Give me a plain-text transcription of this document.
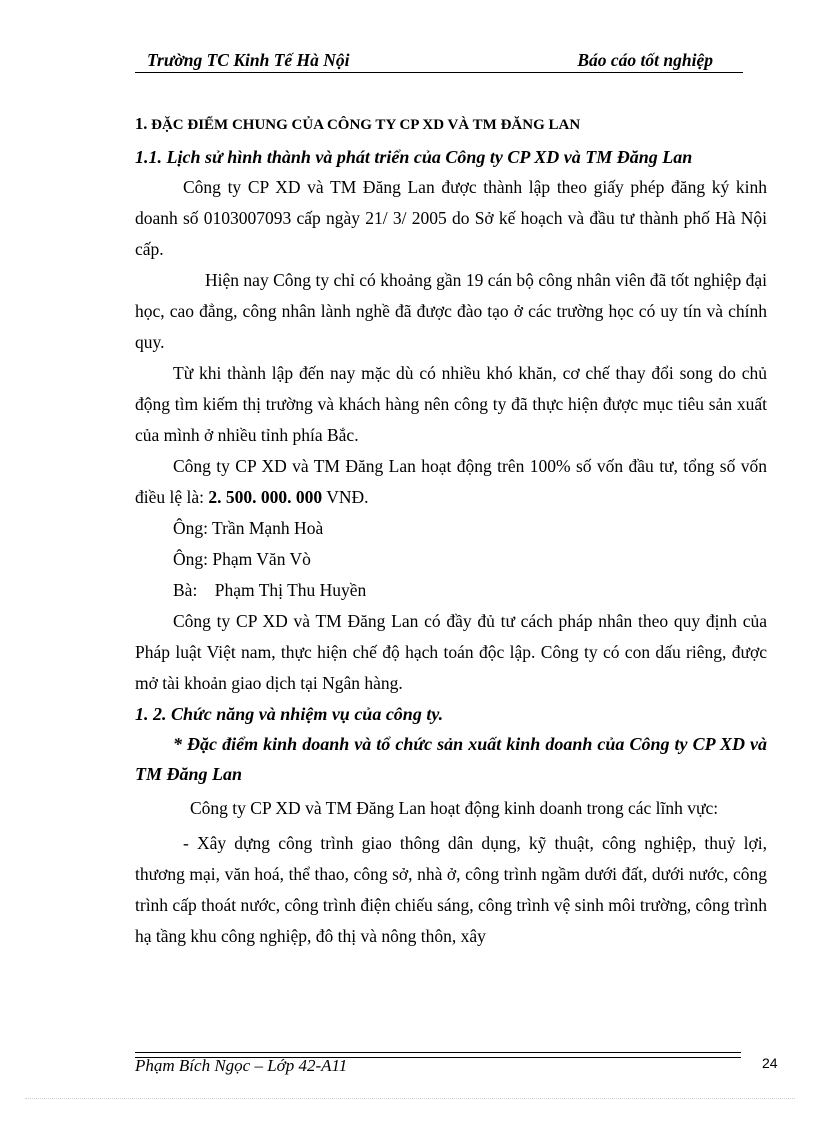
Trường TC Kinh Tế Hà Nội	Báo cáo tốt nghiệp
1. ĐẶC ĐIỂM CHUNG CỦA CÔNG TY CP XD VÀ TM ĐĂNG LAN

1.1. Lịch sử hình thành và phát triển của Công ty CP XD và TM Đăng Lan

Công ty CP XD và TM Đăng Lan được thành lập theo giấy phép đăng ký kinh doanh số 0103007093 cấp ngày 21/ 3/ 2005 do Sở kế hoạch và đầu tư thành phố Hà Nội cấp.

Hiện nay Công ty chỉ có khoảng gần 19 cán bộ công nhân viên đã tốt nghiệp đại học, cao đẳng, công nhân lành nghề đã được đào tạo ở các trường học có uy tín và chính quy.

Từ khi thành lập đến nay mặc dù có nhiều khó khăn, cơ chế thay đổi song do chủ động tìm kiếm thị trường và khách hàng nên công ty đã thực hiện được mục tiêu sản xuất của mình ở nhiều tỉnh phía Bắc.

Công ty CP XD và TM Đăng Lan hoạt động trên 100% số vốn đầu tư, tổng số vốn điều lệ là: 2. 500. 000. 000 VNĐ.

Ông: Trần Mạnh Hoà

Ông: Phạm Văn Vò

Bà:    Phạm Thị Thu Huyền

Công ty CP XD và TM Đăng Lan có đầy đủ tư cách pháp nhân theo quy định của Pháp luật Việt nam, thực hiện chế độ hạch toán độc lập. Công ty có con dấu riêng, được mở tài khoản giao dịch tại Ngân hàng.

1. 2. Chức năng và nhiệm vụ của công ty.

* Đặc điểm kinh doanh và tổ chức sản xuất kinh doanh của Công ty CP XD và TM Đăng Lan

Công ty CP XD và TM Đăng Lan hoạt động kinh doanh trong các lĩnh vực:

- Xây dựng công trình giao thông dân dụng, kỹ thuật, công nghiệp, thuỷ lợi, thương mại, văn hoá, thể thao, công sở, nhà ở, công trình ngầm dưới đất, dưới nước, công trình cấp thoát nước, công trình điện chiếu sáng, công trình vệ sinh môi trường, công trình hạ tầng khu công nghiệp, đô thị và nông thôn, xây

Phạm Bích Ngọc – Lớp 42-A11	24
